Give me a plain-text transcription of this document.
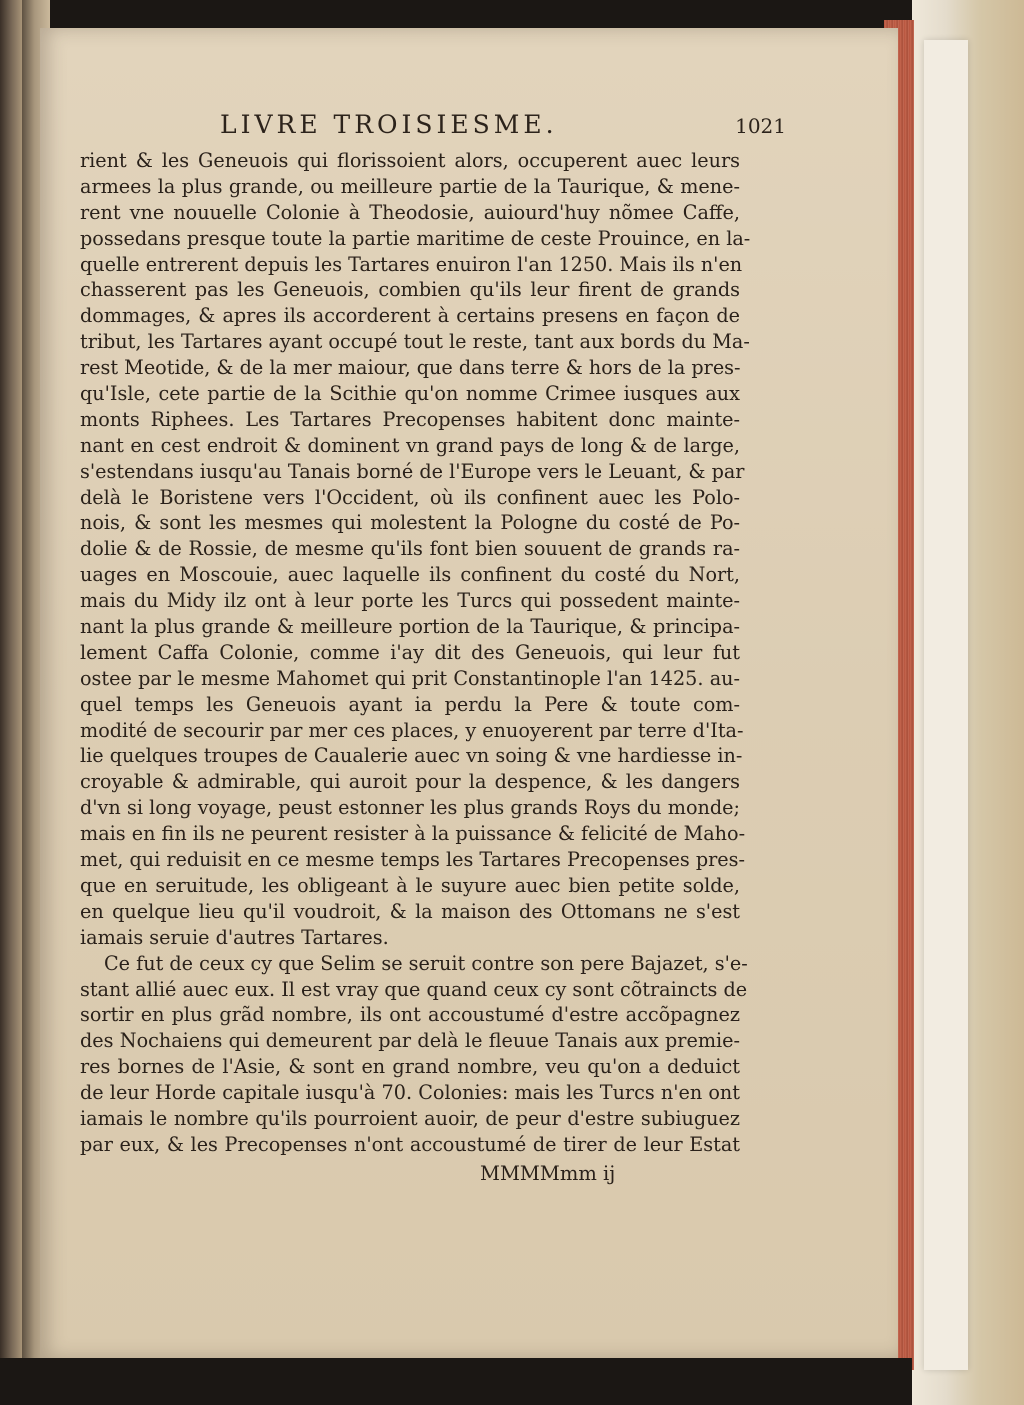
LIVRE TROISIESME.	1021
rient & les Geneuois qui florissoient alors, occuperent auec leurs
armees la plus grande, ou meilleure partie de la Taurique, & mene-
rent vne nouuelle Colonie à Theodosie, auiourd'huy nõmee Caffe,
possedans presque toute la partie maritime de ceste Prouince, en la-
quelle entrerent depuis les Tartares enuiron l'an 1250. Mais ils n'en
chasserent pas les Geneuois, combien qu'ils leur firent de grands
dommages, & apres ils accorderent à certains presens en façon de
tribut, les Tartares ayant occupé tout le reste, tant aux bords du Ma-
rest Meotide, & de la mer maiour, que dans terre & hors de la pres-
qu'Isle, cete partie de la Scithie qu'on nomme Crimee iusques aux
monts Riphees. Les Tartares Precopenses habitent donc mainte-
nant en cest endroit & dominent vn grand pays de long & de large,
s'estendans iusqu'au Tanais borné de l'Europe vers le Leuant, & par
delà le Boristene vers l'Occident, où ils confinent auec les Polo-
nois, & sont les mesmes qui molestent la Pologne du costé de Po-
dolie & de Rossie, de mesme qu'ils font bien souuent de grands ra-
uages en Moscouie, auec laquelle ils confinent du costé du Nort,
mais du Midy ilz ont à leur porte les Turcs qui possedent mainte-
nant la plus grande & meilleure portion de la Taurique, & principa-
lement Caffa Colonie, comme i'ay dit des Geneuois, qui leur fut
ostee par le mesme Mahomet qui prit Constantinople l'an 1425. au-
quel temps les Geneuois ayant ia perdu la Pere & toute com-
modité de secourir par mer ces places, y enuoyerent par terre d'Ita-
lie quelques troupes de Caualerie auec vn soing & vne hardiesse in-
croyable & admirable, qui auroit pour la despence, & les dangers
d'vn si long voyage, peust estonner les plus grands Roys du monde;
mais en fin ils ne peurent resister à la puissance & felicité de Maho-
met, qui reduisit en ce mesme temps les Tartares Precopenses pres-
que en seruitude, les obligeant à le suyure auec bien petite solde,
en quelque lieu qu'il voudroit, & la maison des Ottomans ne s'est
iamais seruie d'autres Tartares.
Ce fut de ceux cy que Selim se seruit contre son pere Bajazet, s'e-
stant allié auec eux. Il est vray que quand ceux cy sont cõtraincts de
sortir en plus grãd nombre, ils ont accoustumé d'estre accõpagnez
des Nochaiens qui demeurent par delà le fleuue Tanais aux premie-
res bornes de l'Asie, & sont en grand nombre, veu qu'on a deduict
de leur Horde capitale iusqu'à 70. Colonies: mais les Turcs n'en ont
iamais le nombre qu'ils pourroient auoir, de peur d'estre subiuguez
par eux, & les Precopenses n'ont accoustumé de tirer de leur Estat
MMMMmm ij
